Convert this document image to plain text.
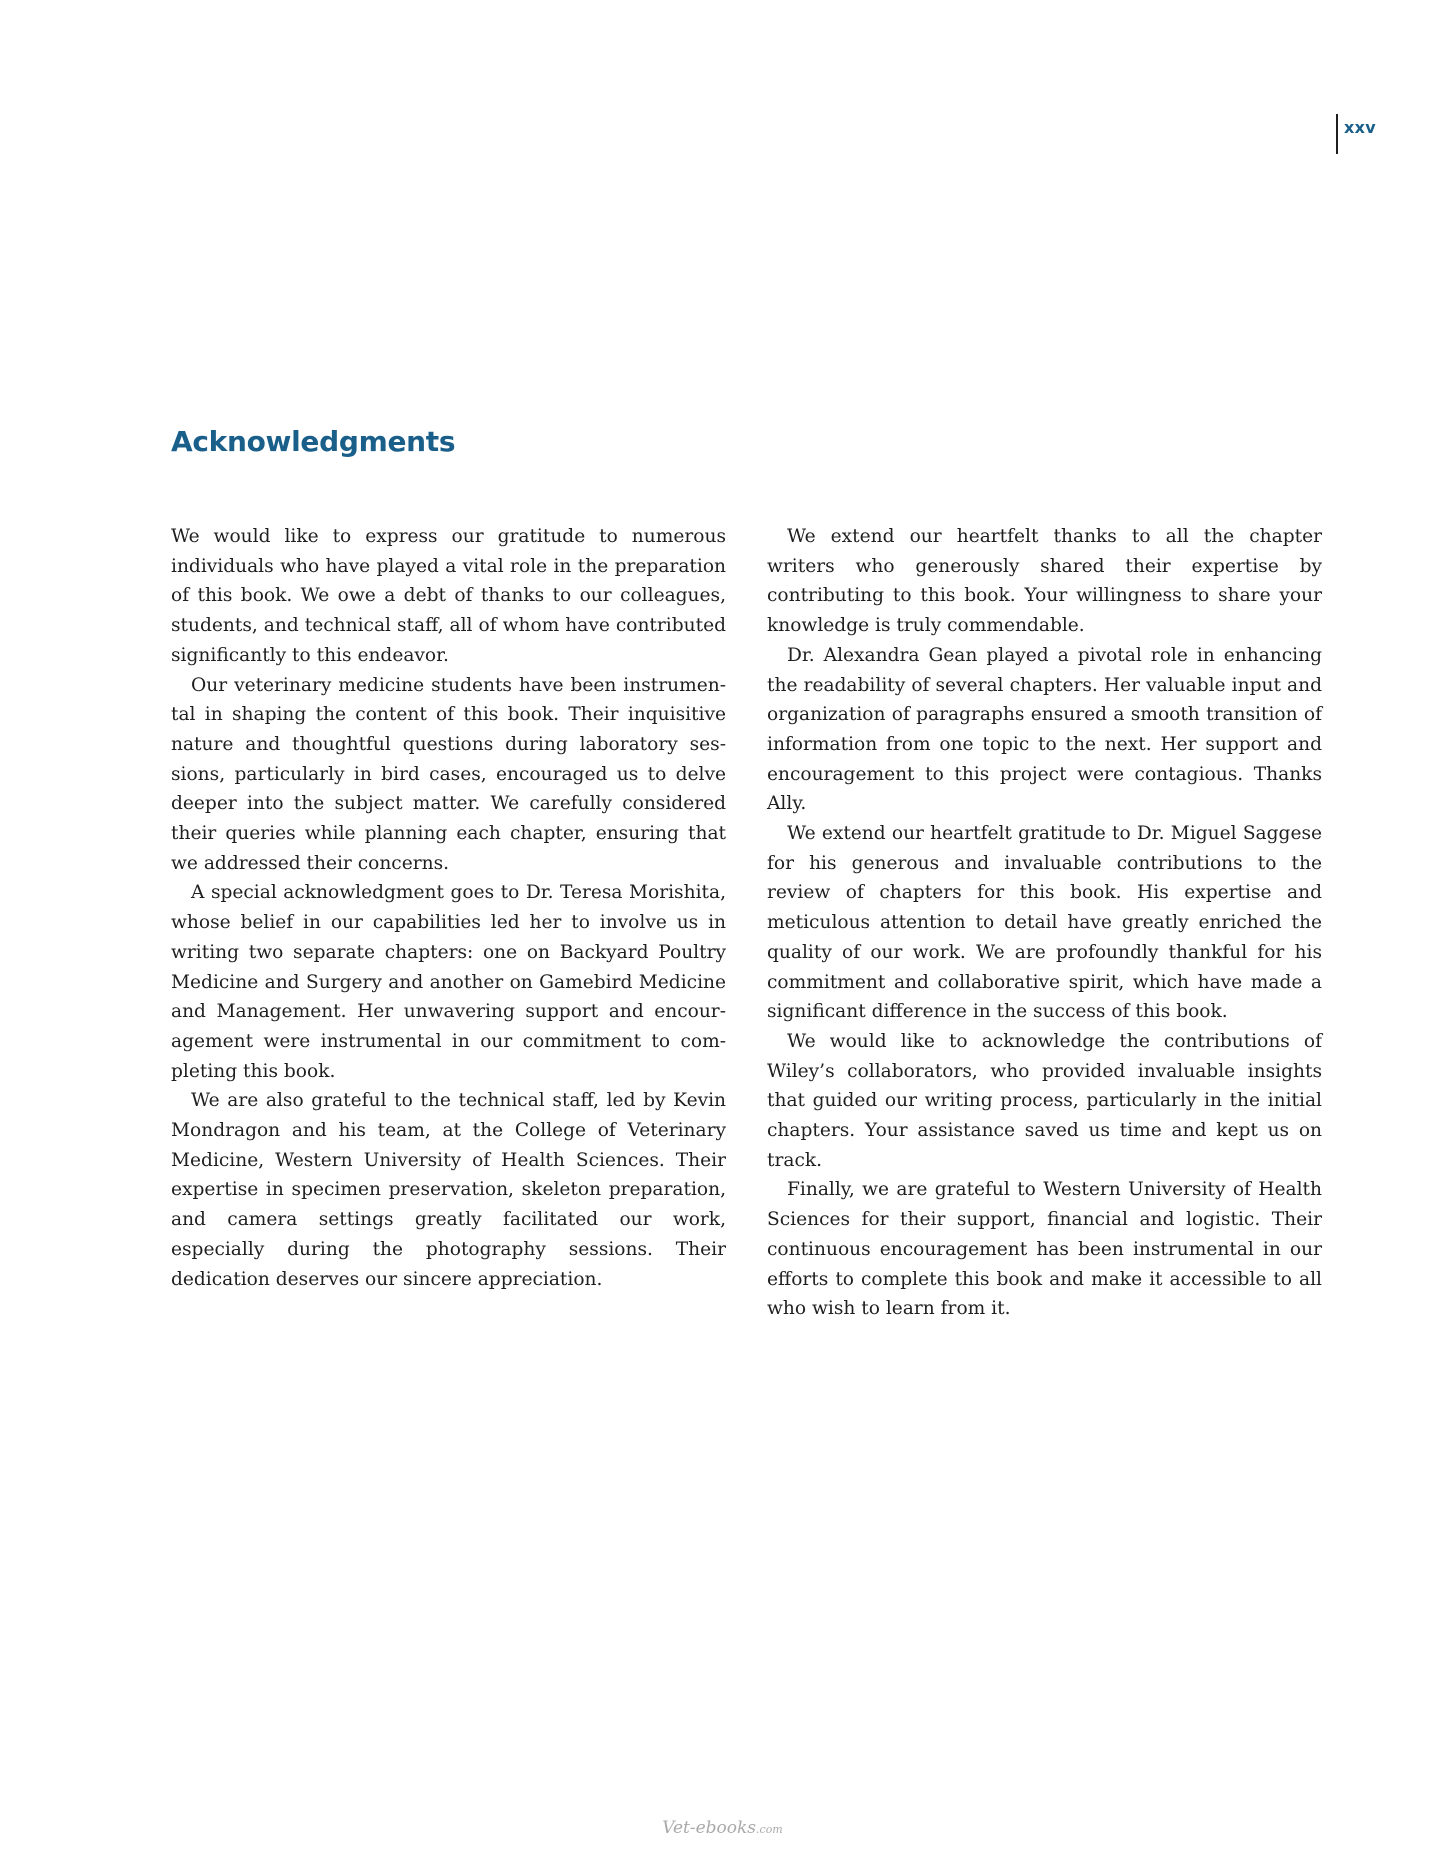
xxv
Acknowledgments

We would like to express our gratitude to numerous individuals who have played a vital role in the preparation of this book. We owe a debt of thanks to our colleagues, students, and technical staff, all of whom have contributed significantly to this endeavor.

Our veterinary medicine students have been instrumental in shaping the content of this book. Their inquisitive nature and thoughtful questions during laboratory sessions, particularly in bird cases, encouraged us to delve deeper into the subject matter. We carefully considered their queries while planning each chapter, ensuring that we addressed their concerns.

A special acknowledgment goes to Dr. Teresa Morishita, whose belief in our capabilities led her to involve us in writing two separate chapters: one on Backyard Poultry Medicine and Surgery and another on Gamebird Medicine and Management. Her unwavering support and encouragement were instrumental in our commitment to completing this book.

We are also grateful to the technical staff, led by Kevin Mondragon and his team, at the College of Veterinary Medicine, Western University of Health Sciences. Their expertise in specimen preservation, skeleton preparation, and camera settings greatly facilitated our work, especially during the photography sessions. Their dedication deserves our sincere appreciation.

We extend our heartfelt thanks to all the chapter writers who generously shared their expertise by contributing to this book. Your willingness to share your knowledge is truly commendable.

Dr. Alexandra Gean played a pivotal role in enhancing the readability of several chapters. Her valuable input and organization of paragraphs ensured a smooth transition of information from one topic to the next. Her support and encouragement to this project were contagious. Thanks Ally.

We extend our heartfelt gratitude to Dr. Miguel Saggese for his generous and invaluable contributions to the review of chapters for this book. His expertise and meticulous attention to detail have greatly enriched the quality of our work. We are profoundly thankful for his commitment and collaborative spirit, which have made a significant difference in the success of this book.

We would like to acknowledge the contributions of Wiley’s collaborators, who provided invaluable insights that guided our writing process, particularly in the initial chapters. Your assistance saved us time and kept us on track.

Finally, we are grateful to Western University of Health Sciences for their support, financial and logistic. Their continuous encouragement has been instrumental in our efforts to complete this book and make it accessible to all who wish to learn from it.

Vet-ebooks.com
